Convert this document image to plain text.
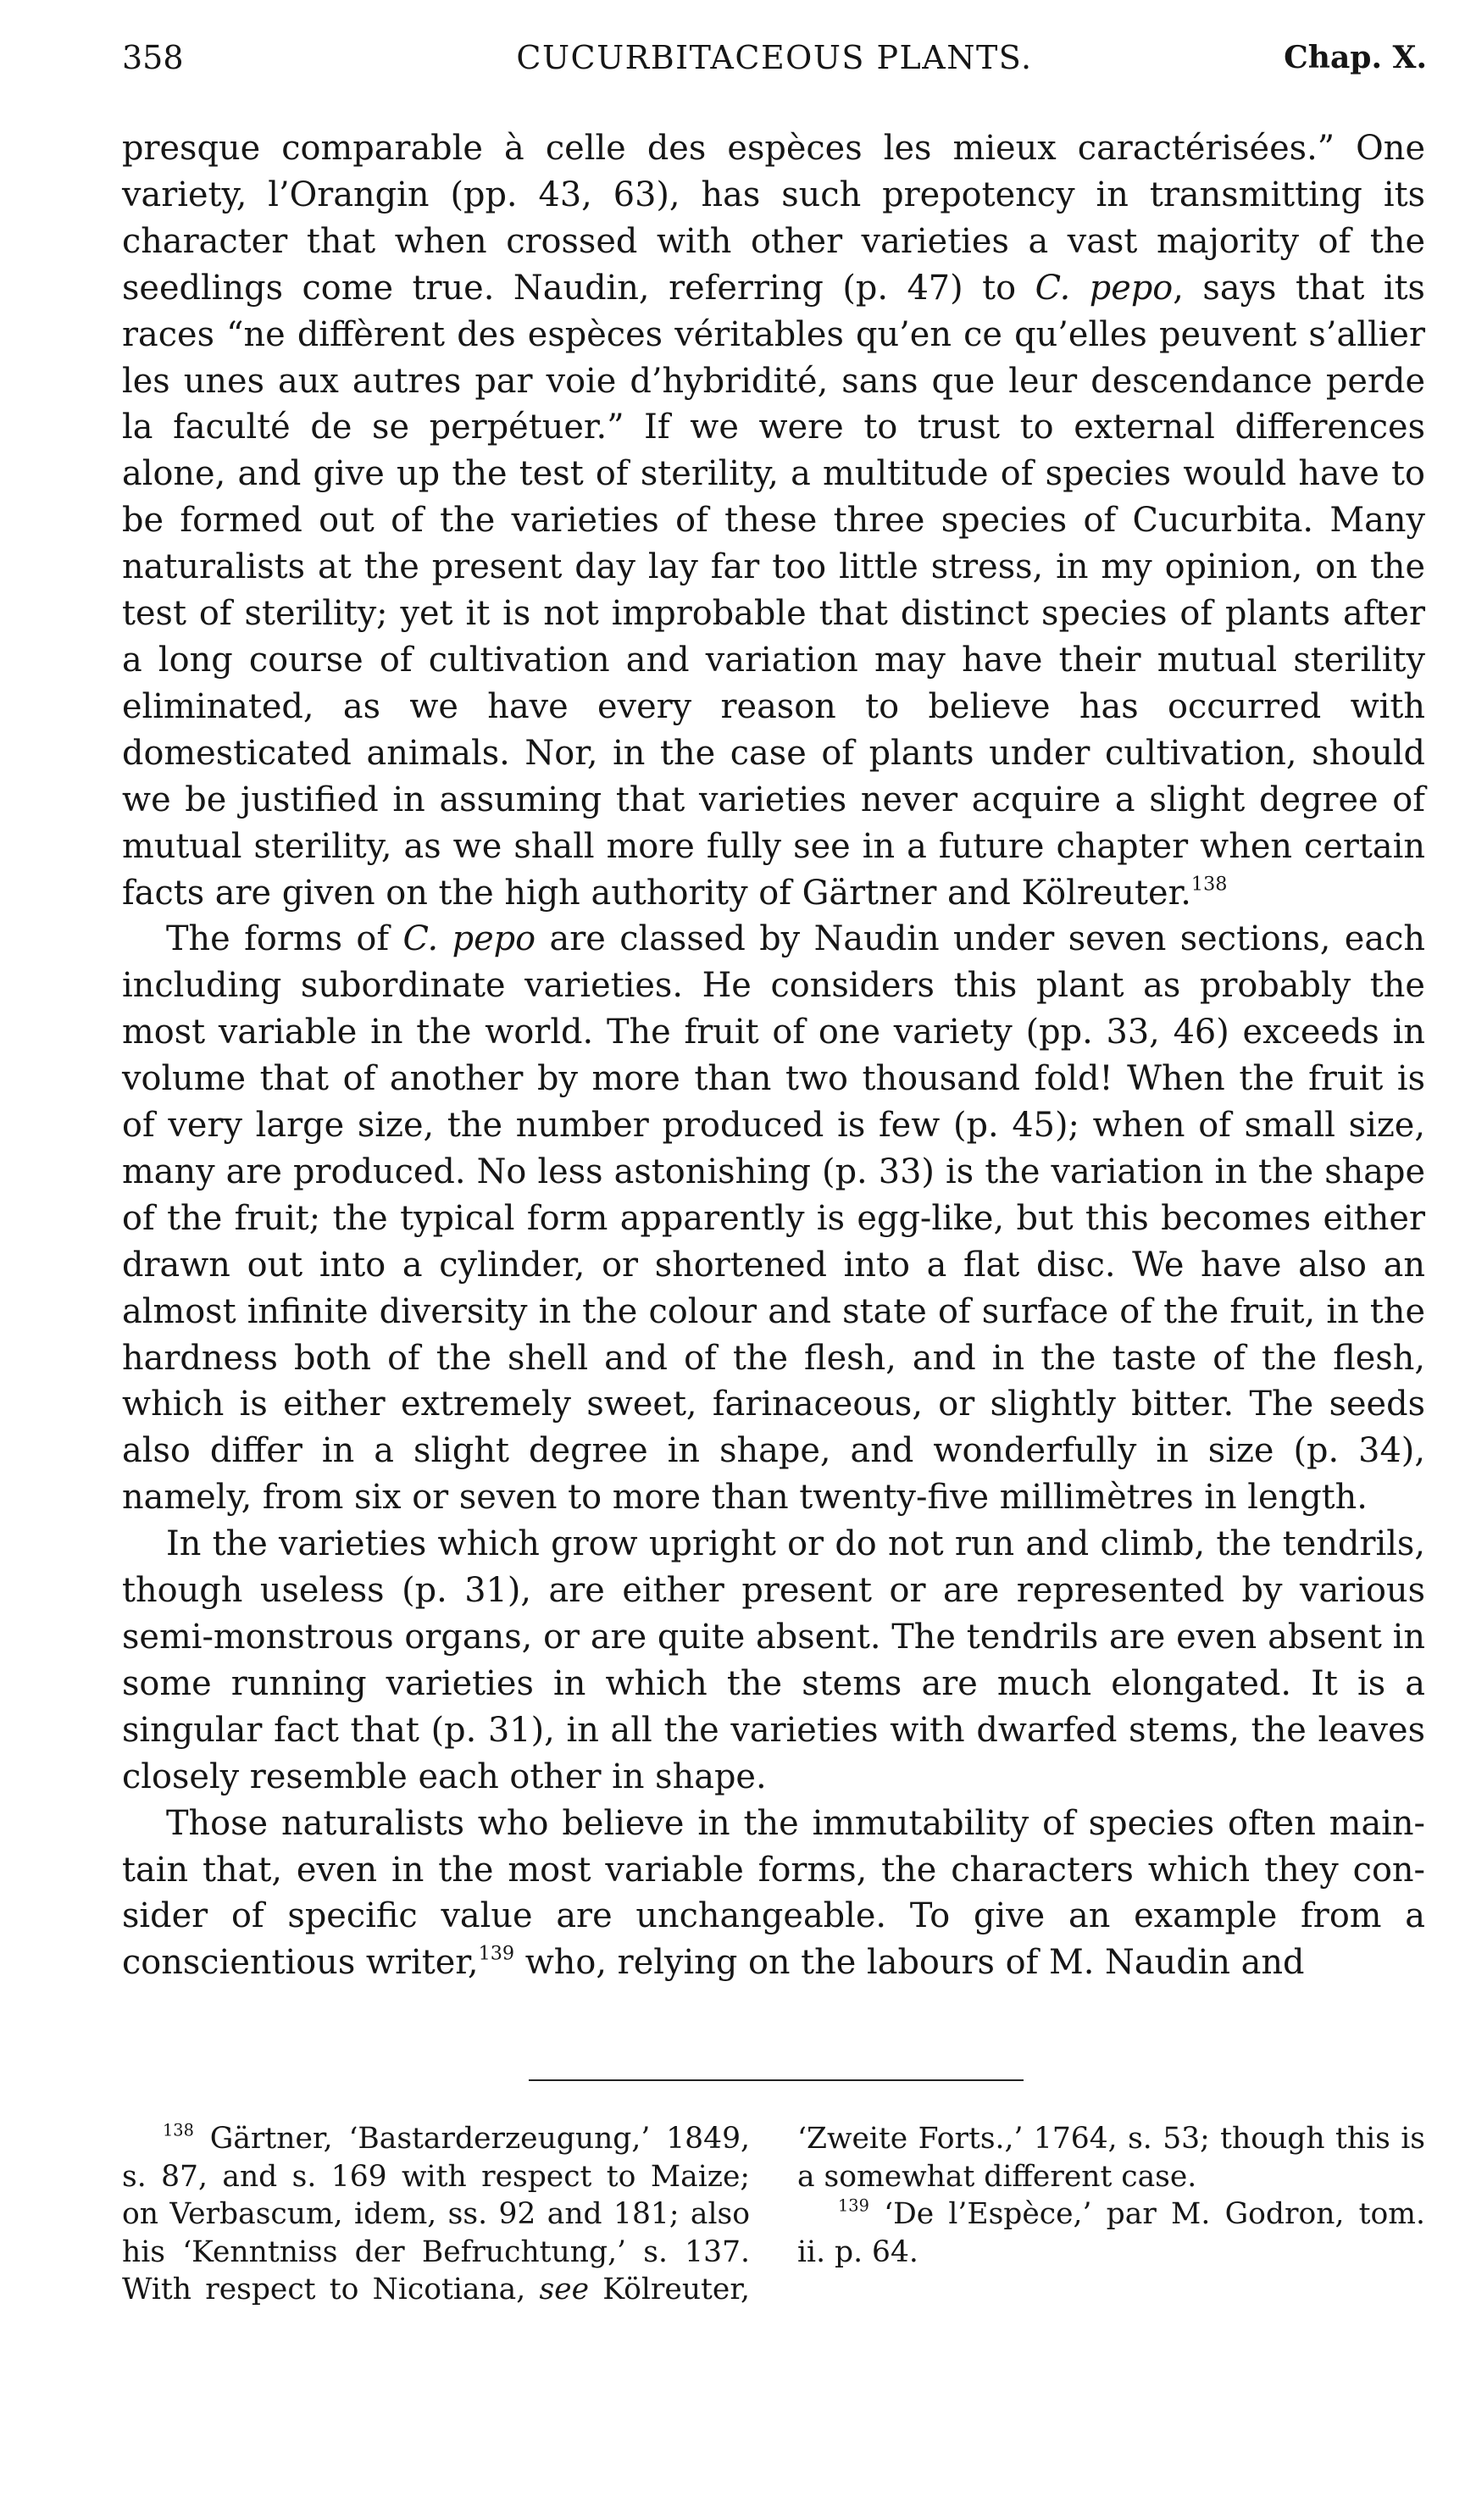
358	CUCURBITACEOUS PLANTS.	Chap. X.

presque comparable à celle des espèces les mieux caractérisées.” One variety, l’Orangin (pp. 43, 63), has such prepotency in transmitting its character that when crossed with other varieties a vast majority of the seedlings come true. Naudin, referring (p. 47) to C. pepo, says that its races “ne diffèrent des espèces véritables qu’en ce qu’elles peuvent s’allier les unes aux autres par voie d’hybridité, sans que leur descendance perde la faculté de se perpétuer.” If we were to trust to external differences alone, and give up the test of sterility, a multitude of species would have to be formed out of the varieties of these three species of Cucurbita. Many naturalists at the present day lay far too little stress, in my opinion, on the test of sterility; yet it is not improbable that distinct species of plants after a long course of cultivation and variation may have their mutual sterility eliminated, as we have every reason to believe has occurred with domesticated animals. Nor, in the case of plants under cultivation, should we be justified in assuming that varieties never acquire a slight degree of mutual sterility, as we shall more fully see in a future chapter when certain facts are given on the high authority of Gärtner and Kölreuter.$^{138}$

The forms of C. pepo are classed by Naudin under seven sections, each including subordinate varieties. He considers this plant as probably the most variable in the world. The fruit of one variety (pp. 33, 46) exceeds in volume that of another by more than two thousand fold! When the fruit is of very large size, the number produced is few (p. 45); when of small size, many are produced. No less astonishing (p. 33) is the variation in the shape of the fruit; the typical form apparently is egg-like, but this becomes either drawn out into a cylinder, or shortened into a flat disc. We have also an almost infinite diversity in the colour and state of surface of the fruit, in the hardness both of the shell and of the flesh, and in the taste of the flesh, which is either extremely sweet, farinaceous, or slightly bitter. The seeds also differ in a slight degree in shape, and wonderfully in size (p. 34), namely, from six or seven to more than twenty-five millimètres in length.

In the varieties which grow upright or do not run and climb, the tendrils, though useless (p. 31), are either present or are represented by various semi-monstrous organs, or are quite absent. The tendrils are even absent in some running varieties in which the stems are much elongated. It is a singular fact that (p. 31), in all the varieties with dwarfed stems, the leaves closely resemble each other in shape.

Those naturalists who believe in the immutability of species often maintain that, even in the most variable forms, the characters which they consider of specific value are unchangeable. To give an example from a conscientious writer,$^{139}$ who, relying on the labours of M. Naudin and

$^{138}$ Gärtner, ‘Bastarderzeugung,’ 1849, s. 87, and s. 169 with respect to Maize; on Verbascum, idem, ss. 92 and 181; also his ‘Kenntniss der Befruchtung,’ s. 137. With respect to Nicotiana, see Kölreuter, ‘Zweite Forts.,’ 1764, s. 53; though this is a somewhat different case.

$^{139}$ ‘De l’Espèce,’ par M. Godron, tom. ii. p. 64.
